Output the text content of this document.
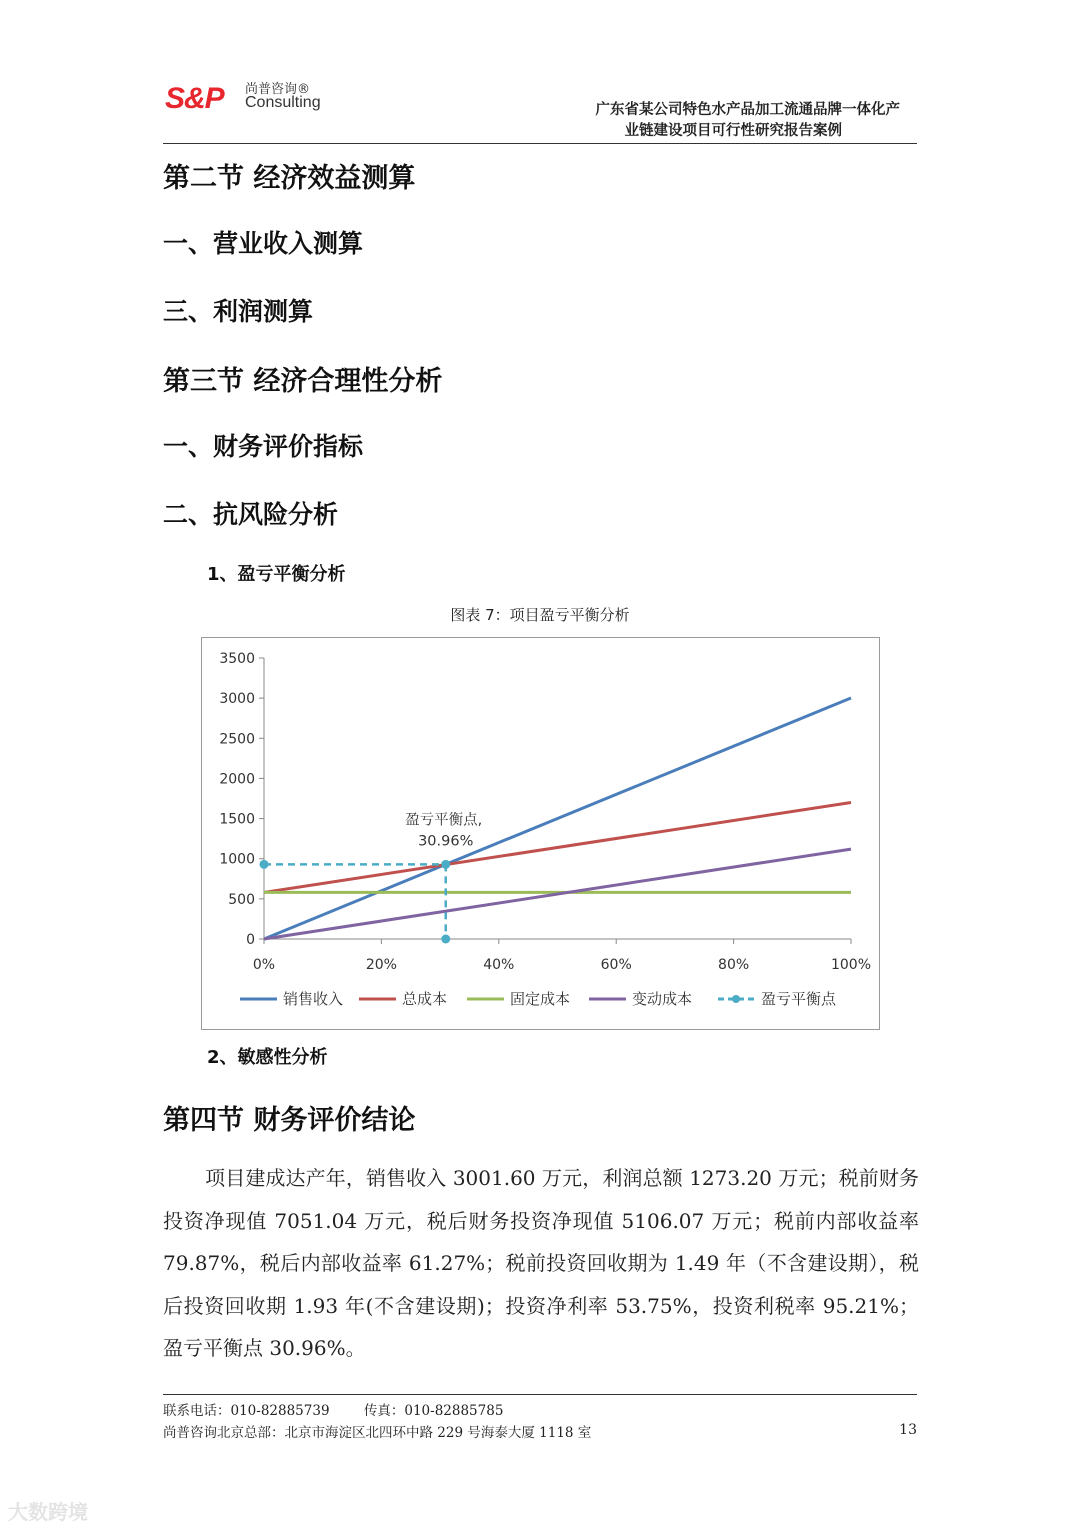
S&P 尚普咨询®
Consulting	广东省某公司特色水产品加工流通品牌一体化产
业链建设项目可行性研究报告案例
第二节 经济效益测算
一、营业收入测算
三、利润测算
第三节 经济合理性分析
一、财务评价指标
二、抗风险分析
1、盈亏平衡分析
图表 7：项目盈亏平衡分析
0
500
1000
1500
2000
2500
3000
3500
0%	20%	40%	60%	80%	100%
盈亏平衡点,
30.96%
销售收入	总成本	固定成本	变动成本	盈亏平衡点
2、敏感性分析
第四节 财务评价结论
项目建成达产年，销售收入 3001.60 万元，利润总额 1273.20 万元；税前财务投资净现值 7051.04 万元，税后财务投资净现值 5106.07 万元；税前内部收益率 79.87%，税后内部收益率 61.27%；税前投资回收期为 1.49 年（不含建设期），税后投资回收期 1.93 年(不含建设期)；投资净利率 53.75%，投资利税率 95.21%；盈亏平衡点 30.96%。
联系电话：010-82885739        传真：010-82885785
尚普咨询北京总部：北京市海淀区北四环中路 229 号海泰大厦 1118 室	13
大数跨境
